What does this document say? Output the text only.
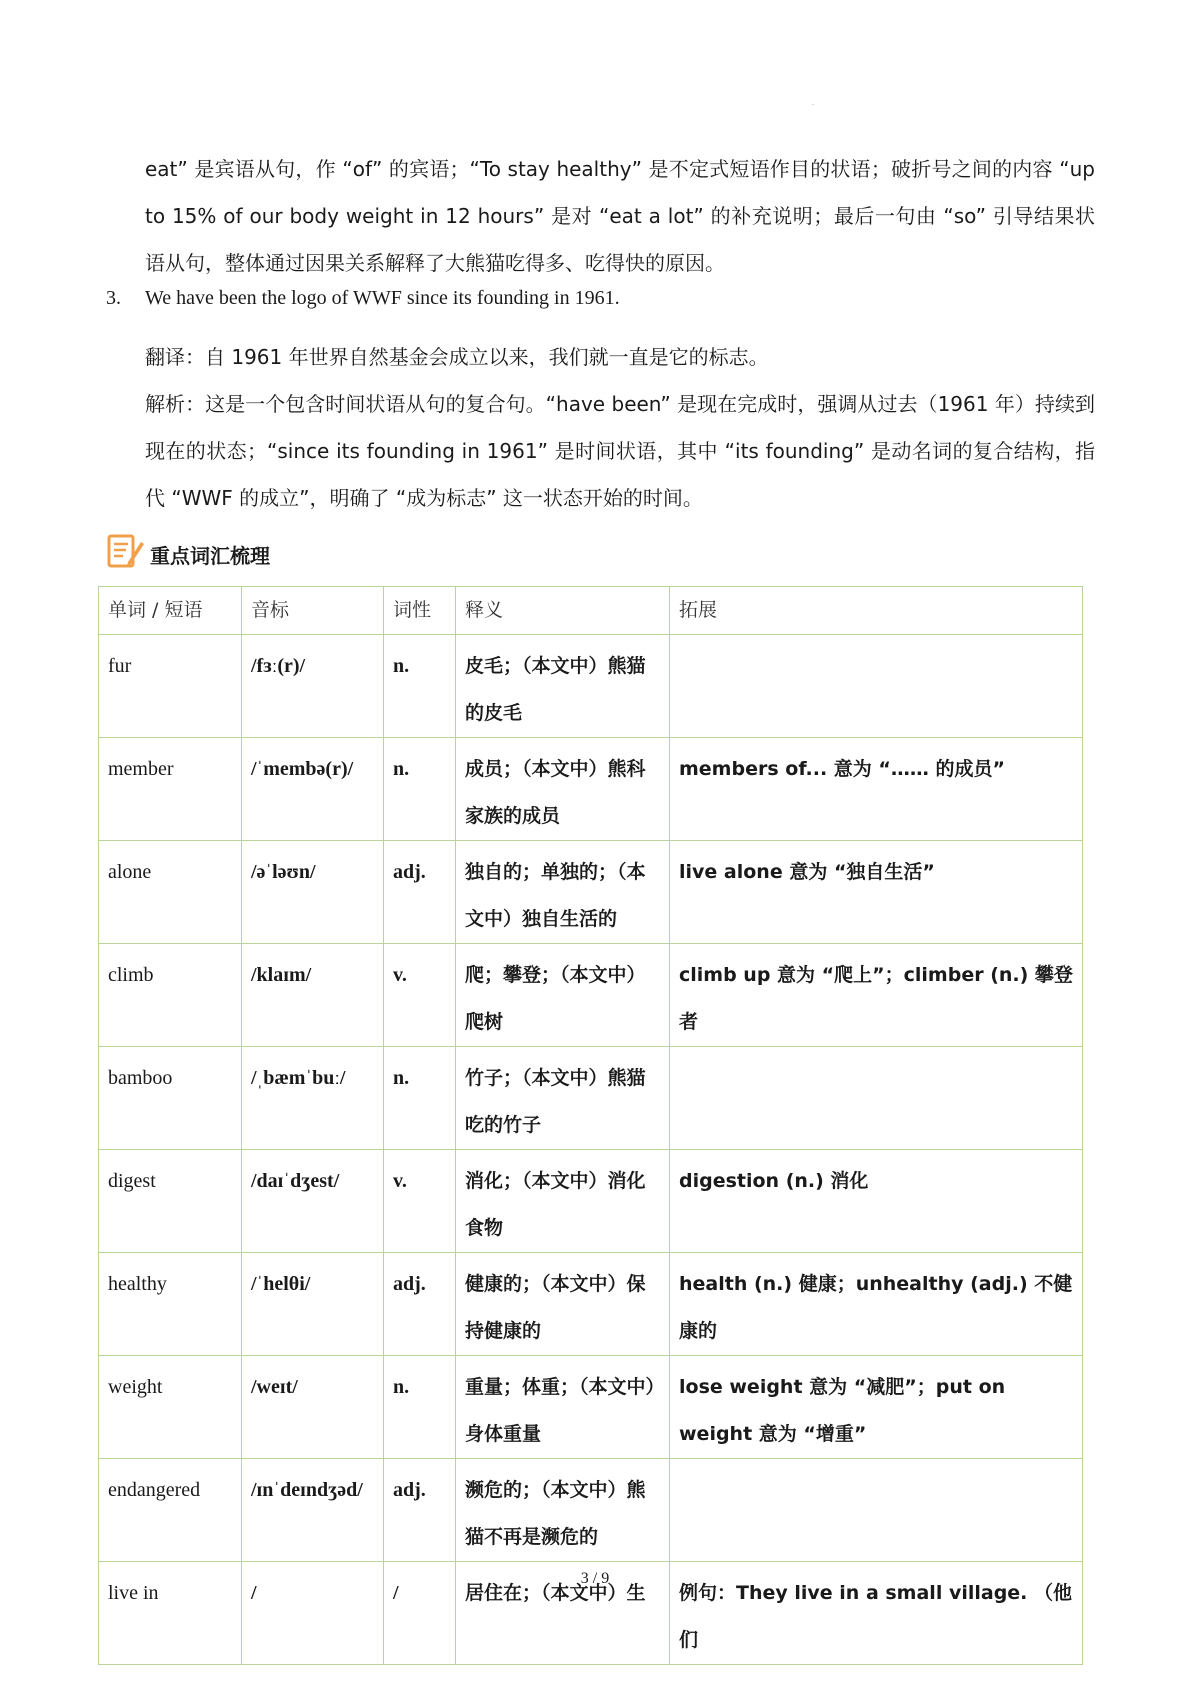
.
eat” 是宾语从句，作 “of” 的宾语；“To stay healthy” 是不定式短语作目的状语；破折号之间的内容 “up to 15% of our body weight in 12 hours” 是对 “eat a lot” 的补充说明；最后一句由 “so” 引导结果状语从句，整体通过因果关系解释了大熊猫吃得多、吃得快的原因。
3. We have been the logo of WWF since its founding in 1961.
翻译：自 1961 年世界自然基金会成立以来，我们就一直是它的标志。
解析：这是一个包含时间状语从句的复合句。“have been” 是现在完成时，强调从过去（1961 年）持续到现在的状态；“since its founding in 1961” 是时间状语，其中 “its founding” 是动名词的复合结构，指代 “WWF 的成立”，明确了 “成为标志” 这一状态开始的时间。
重点词汇梳理
单词 / 短语	音标	词性	释义	拓展
fur	/fɜː(r)/	n.	皮毛；（本文中）熊猫的皮毛	
member	/ˈmembə(r)/	n.	成员；（本文中）熊科家族的成员	members of... 意为 “…… 的成员”
alone	/əˈləʊn/	adj.	独自的；单独的；（本文中）独自生活的	live alone 意为 “独自生活”
climb	/klaɪm/	v.	爬；攀登；（本文中）爬树	climb up 意为 “爬上”；climber (n.) 攀登者
bamboo	/ˌbæmˈbuː/	n.	竹子；（本文中）熊猫吃的竹子	
digest	/daɪˈdʒest/	v.	消化；（本文中）消化食物	digestion (n.) 消化
healthy	/ˈhelθi/	adj.	健康的；（本文中）保持健康的	health (n.) 健康；unhealthy (adj.) 不健康的
weight	/weɪt/	n.	重量；体重；（本文中）身体重量	lose weight 意为 “减肥”；put on weight 意为 “增重”
endangered	/ɪnˈdeɪndʒəd/	adj.	濒危的；（本文中）熊猫不再是濒危的	
live in	/	/	居住在；（本文中）生	例句：They live in a small village. （他们
3 / 9
